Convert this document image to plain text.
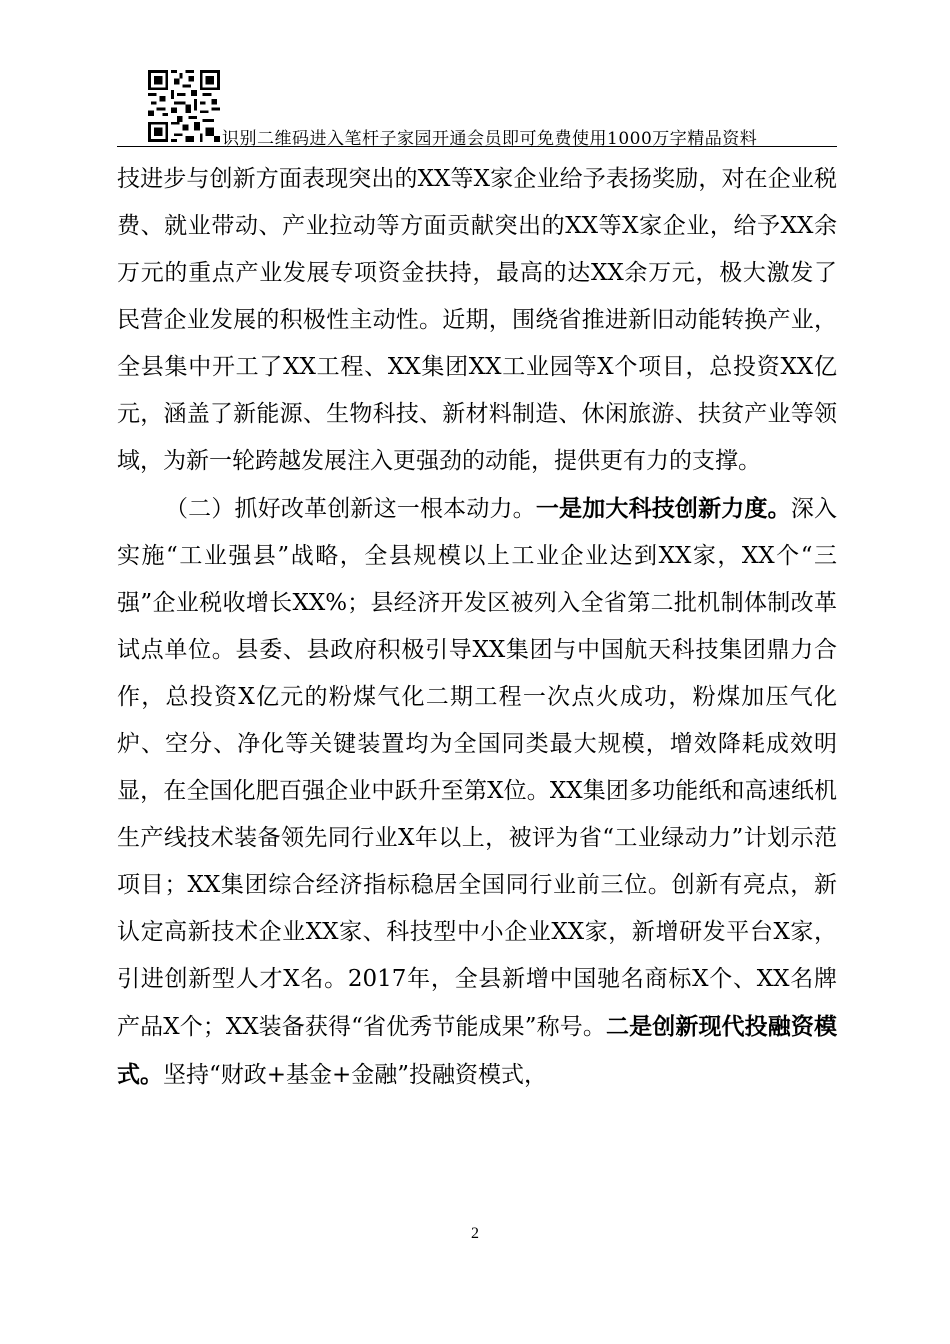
识别二维码进入笔杆子家园开通会员即可免费使用1000万字精品资料

技进步与创新方面表现突出的XX等X家企业给予表扬奖励，对在企业税费、就业带动、产业拉动等方面贡献突出的XX等X家企业，给予XX余万元的重点产业发展专项资金扶持，最高的达XX余万元，极大激发了民营企业发展的积极性主动性。近期，围绕省推进新旧动能转换产业，全县集中开工了XX工程、XX集团XX工业园等X个项目，总投资XX亿元，涵盖了新能源、生物科技、新材料制造、休闲旅游、扶贫产业等领域，为新一轮跨越发展注入更强劲的动能，提供更有力的支撑。

（二）抓好改革创新这一根本动力。一是加大科技创新力度。深入实施“工业强县”战略，全县规模以上工业企业达到XX家，XX个“三强”企业税收增长XX%；县经济开发区被列入全省第二批机制体制改革试点单位。县委、县政府积极引导XX集团与中国航天科技集团鼎力合作，总投资X亿元的粉煤气化二期工程一次点火成功，粉煤加压气化炉、空分、净化等关键装置均为全国同类最大规模，增效降耗成效明显，在全国化肥百强企业中跃升至第X位。XX集团多功能纸和高速纸机生产线技术装备领先同行业X年以上，被评为省“工业绿动力”计划示范项目；XX集团综合经济指标稳居全国同行业前三位。创新有亮点，新认定高新技术企业XX家、科技型中小企业XX家，新增研发平台X家，引进创新型人才X名。2017年，全县新增中国驰名商标X个、XX名牌产品X个；XX装备获得“省优秀节能成果”称号。二是创新现代投融资模式。坚持“财政+基金+金融”投融资模式，

2
